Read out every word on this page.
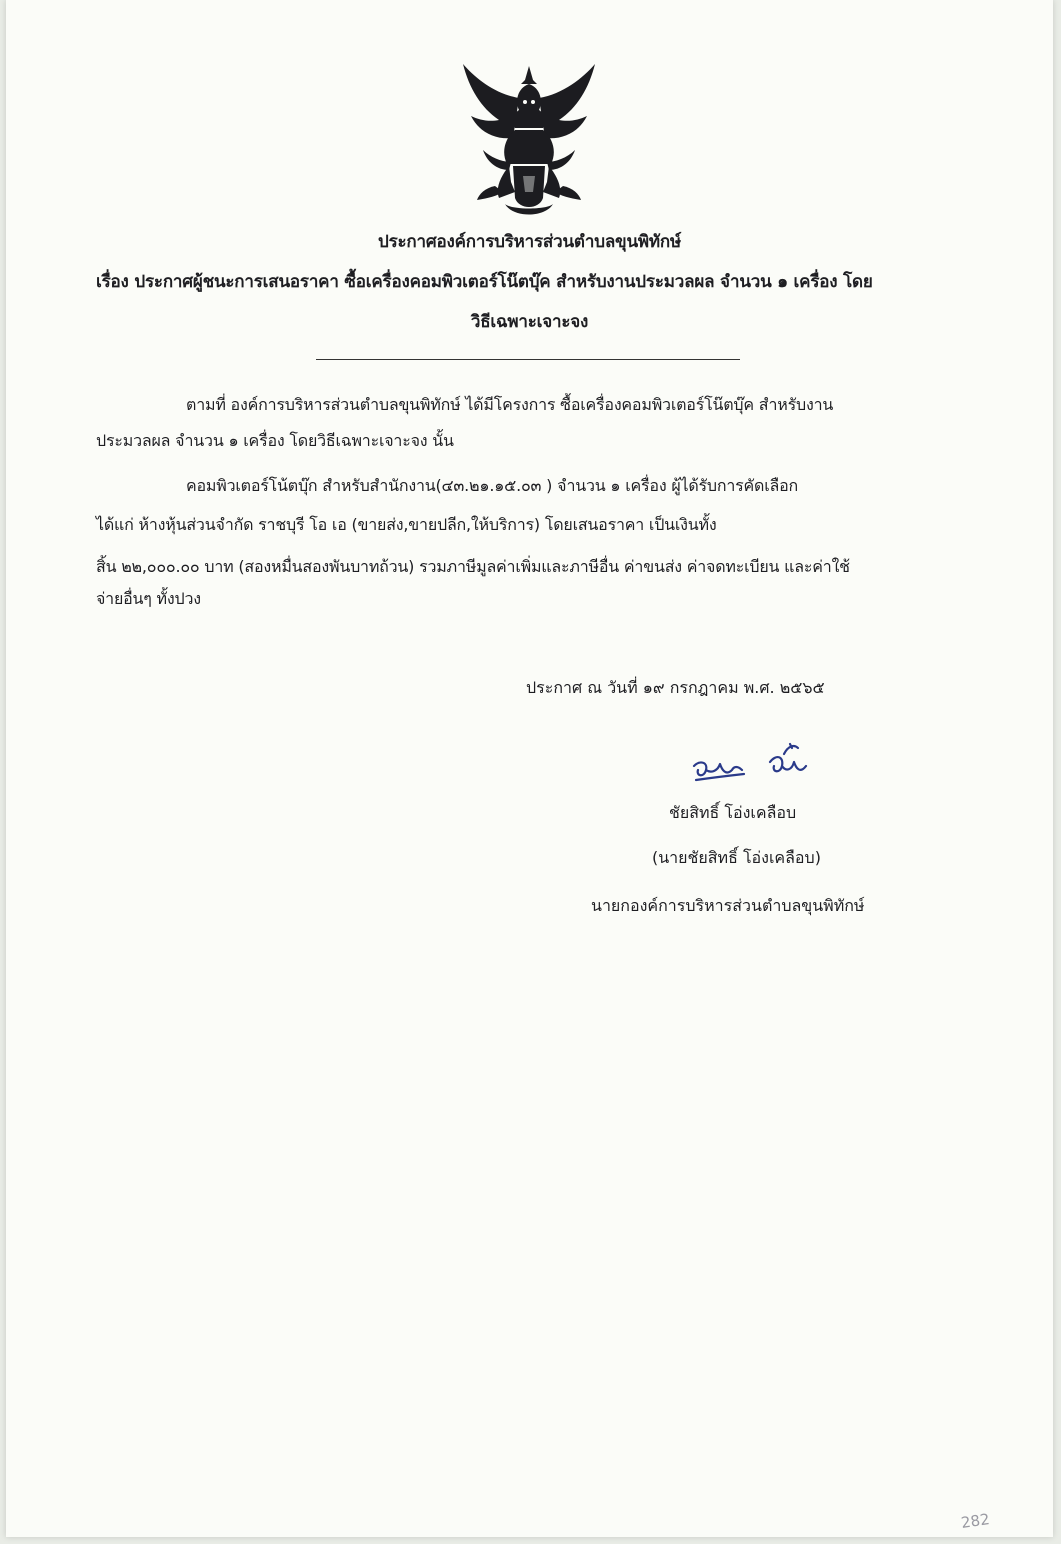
ประกาศองค์การบริหารส่วนตำบลขุนพิทักษ์
เรื่อง ประกาศผู้ชนะการเสนอราคา ซื้อเครื่องคอมพิวเตอร์โน๊ตบุ๊ค สำหรับงานประมวลผล จำนวน ๑ เครื่อง โดย
วิธีเฉพาะเจาะจง
ตามที่ องค์การบริหารส่วนตำบลขุนพิทักษ์ ได้มีโครงการ ซื้อเครื่องคอมพิวเตอร์โน๊ตบุ๊ค สำหรับงาน
ประมวลผล จำนวน ๑ เครื่อง โดยวิธีเฉพาะเจาะจง นั้น
คอมพิวเตอร์โน้ตบุ๊ก สำหรับสำนักงาน(๔๓.๒๑.๑๕.๐๓ ) จำนวน ๑ เครื่อง ผู้ได้รับการคัดเลือก
ได้แก่ ห้างหุ้นส่วนจำกัด ราชบุรี โอ เอ (ขายส่ง,ขายปลีก,ให้บริการ) โดยเสนอราคา เป็นเงินทั้ง
สิ้น ๒๒,๐๐๐.๐๐ บาท (สองหมื่นสองพันบาทถ้วน) รวมภาษีมูลค่าเพิ่มและภาษีอื่น ค่าขนส่ง ค่าจดทะเบียน และค่าใช้
จ่ายอื่นๆ ทั้งปวง
ประกาศ ณ วันที่ ๑๙ กรกฎาคม พ.ศ. ๒๕๖๕
ชัยสิทธิ์ โอ่งเคลือบ
(นายชัยสิทธิ์ โอ่งเคลือบ)
นายกองค์การบริหารส่วนตำบลขุนพิทักษ์
282
